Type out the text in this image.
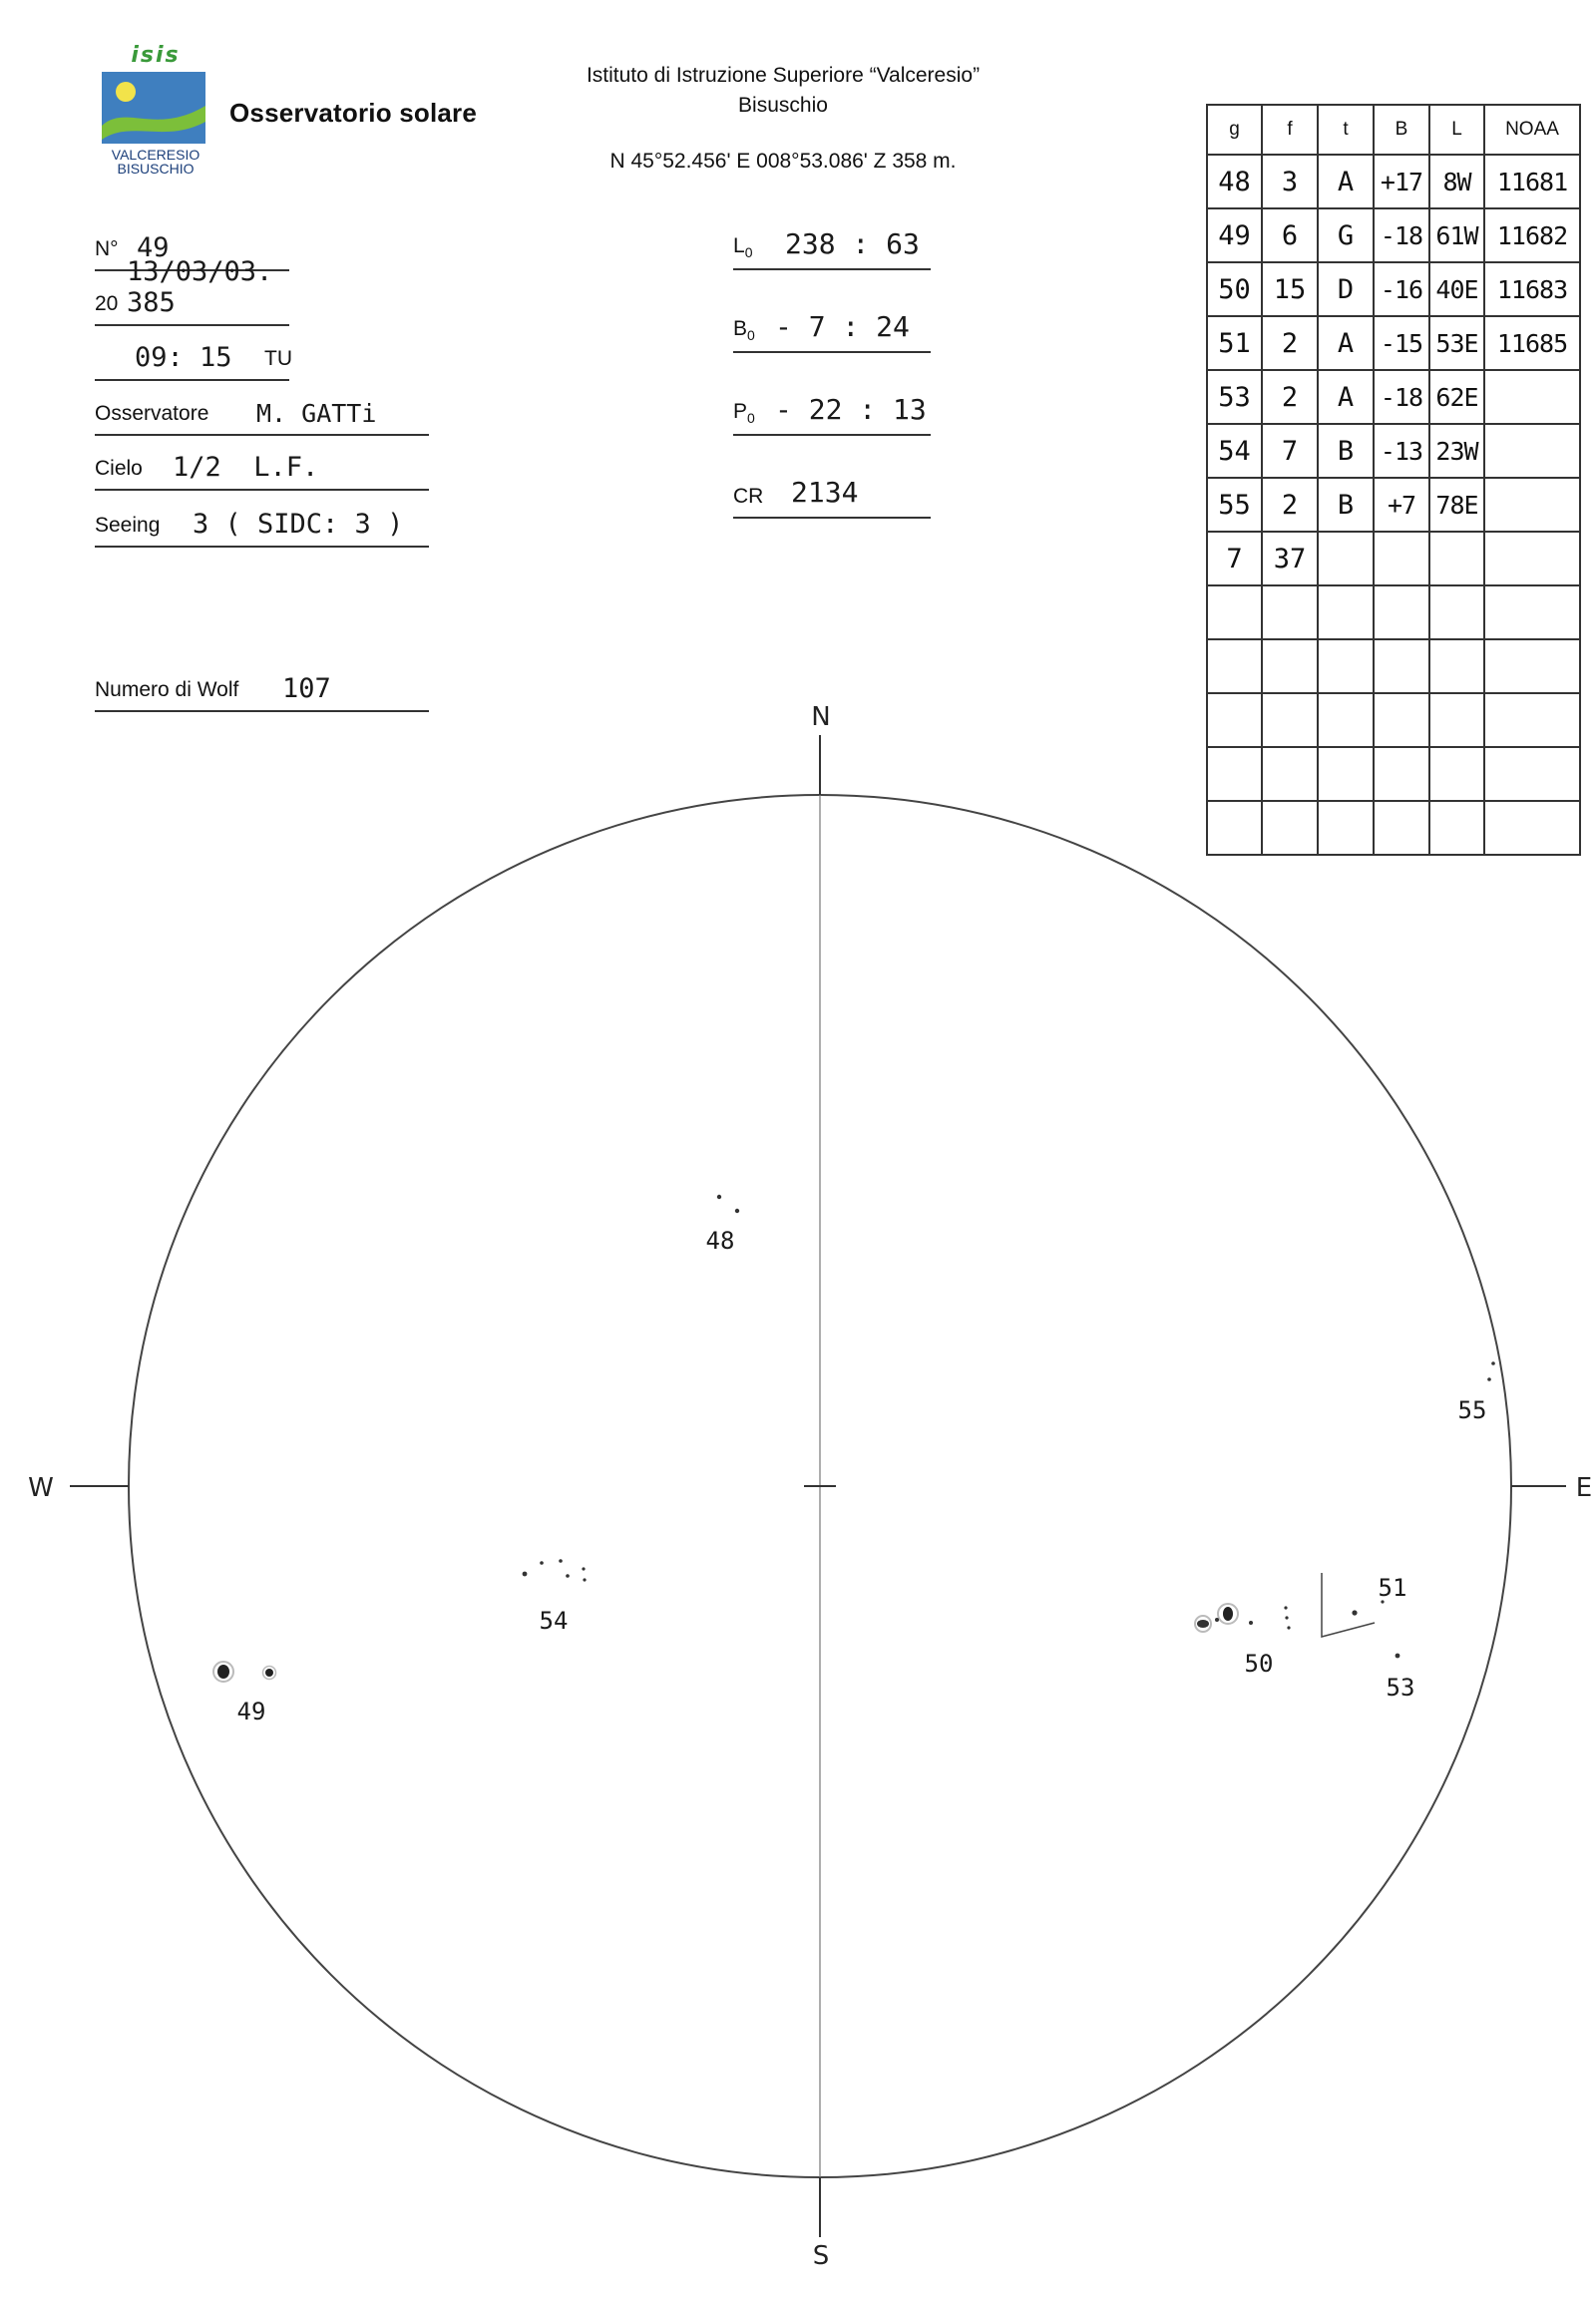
isis
VALCERESIO
BISUSCHIO
Osservatorio solare
Istituto di Istruzione Superiore “Valceresio”
Bisuschio
N 45°52.456' E 008°53.086' Z 358 m.
N° 49
20
13/03/03. 385
09: 15 TU
Osservatore M. GATTi
Cielo 1/2  L.F.
Seeing 3 ( SIDC: 3 )
Numero di Wolf 107
$L_0$ 238 : 63
$B_0 - 7$ : 24
$P_0 - 22$ : 13
CR 2134
g	f	t	B	L	NOAA
48	3	A	+17	8W	11681
49	6	G	-18	61W	11682
50	15	D	-16	40E	11683
51	2	A	-15	53E	11685
53	2	A	-18	62E	
54	7	B	-13	23W	
55	2	B	+7	78E	
7	37				

N
S
W	E
48
55
54
49
50
51
53
